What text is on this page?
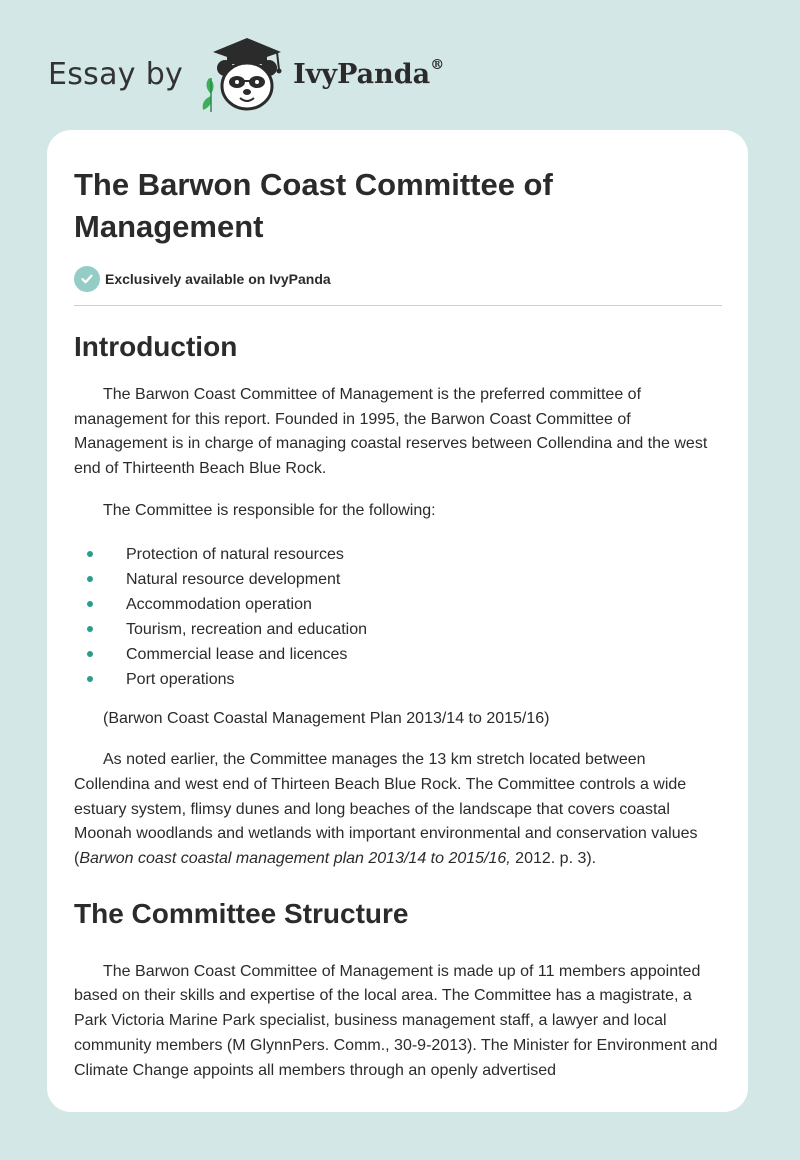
Essay by	IvyPanda®
The Barwon Coast Committee of Management
Exclusively available on IvyPanda
Introduction

The Barwon Coast Committee of Management is the preferred committee of management for this report. Founded in 1995, the Barwon Coast Committee of Management is in charge of managing coastal reserves between Collendina and the west end of Thirteenth Beach Blue Rock.

The Committee is responsible for the following:

Protection of natural resources
Natural resource development
Accommodation operation
Tourism, recreation and education
Commercial lease and licences
Port operations

(Barwon Coast Coastal Management Plan 2013/14 to 2015/16)

As noted earlier, the Committee manages the 13 km stretch located between Collendina and west end of Thirteen Beach Blue Rock. The Committee controls a wide estuary system, flimsy dunes and long beaches of the landscape that covers coastal Moonah woodlands and wetlands with important environmental and conservation values (Barwon coast coastal management plan 2013/14 to 2015/16, 2012. p. 3).

The Committee Structure

The Barwon Coast Committee of Management is made up of 11 members appointed based on their skills and expertise of the local area. The Committee has a magistrate, a Park Victoria Marine Park specialist, business management staff, a lawyer and local community members (M GlynnPers. Comm., 30-9-2013). The Minister for Environment and Climate Change appoints all members through an openly advertised
